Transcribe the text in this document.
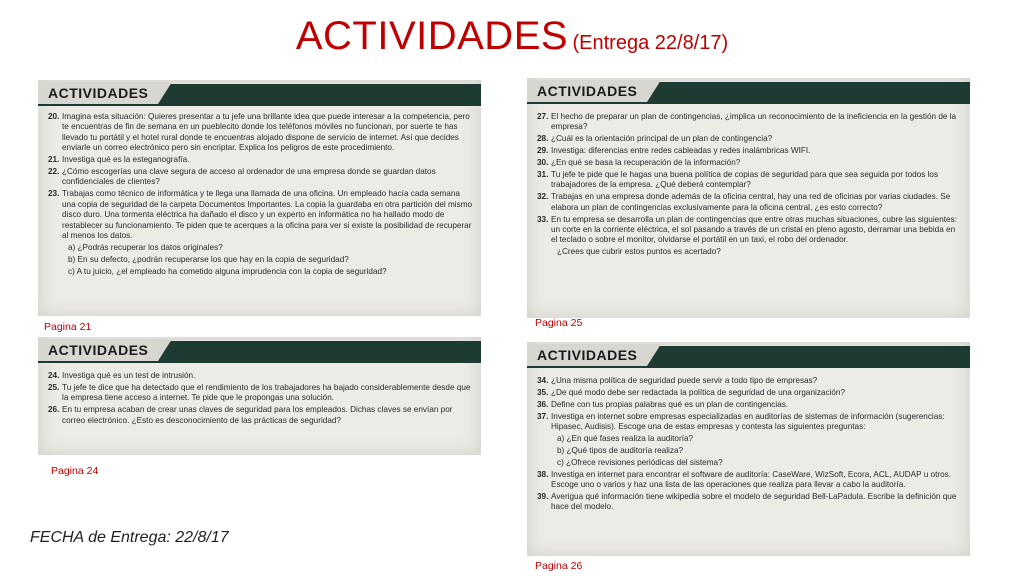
ACTIVIDADES (Entrega 22/8/17)
ACTIVIDADES
20. Imagina esta situación: Quieres presentar a tu jefe una brillante idea que puede interesar a la competencia, pero te encuentras de fin de semana en un pueblecito donde los teléfonos móviles no funcionan, por suerte te has llevado tu portátil y el hotel rural donde te encuentras alojado dispone de servicio de internet. Así que decides enviarle un correo electrónico pero sin encriptar. Explica los peligros de este procedimiento.
21. Investiga qué es la esteganografía.
22. ¿Cómo escogerías una clave segura de acceso al ordenador de una empresa donde se guardan datos confidenciales de clientes?
23. Trabajas como técnico de informática y te llega una llamada de una oficina. Un empleado hacía cada semana una copia de seguridad de la carpeta Documentos Importantes. La copia la guardaba en otra partición del mismo disco duro. Una tormenta eléctrica ha dañado el disco y un experto en informática no ha hallado modo de restablecer su funcionamiento. Te piden que te acerques a la oficina para ver si existe la posibilidad de recuperar al menos los datos.
a) ¿Podrás recuperar los datos originales?
b) En su defecto, ¿podrán recuperarse los que hay en la copia de seguridad?
c) A tu juicio, ¿el empleado ha cometido alguna imprudencia con la copia de seguridad?
Pagina 21
ACTIVIDADES
24. Investiga qué es un test de intrusión.
25. Tu jefe te dice que ha detectado que el rendimiento de los trabajadores ha bajado considerablemente desde que la empresa tiene acceso a internet. Te pide que le propongas una solución.
26. En tu empresa acaban de crear unas claves de seguridad para los empleados. Dichas claves se envían por correo electrónico. ¿Esto es desconocimiento de las prácticas de seguridad?
Pagina 24
ACTIVIDADES
27. El hecho de preparar un plan de contingencias, ¿implica un reconocimiento de la ineficiencia en la gestión de la empresa?
28. ¿Cuál es la orientación principal de un plan de contingencia?
29. Investiga: diferencias entre redes cableadas y redes inalámbricas WIFI.
30. ¿En qué se basa la recuperación de la información?
31. Tu jefe te pide que le hagas una buena política de copias de seguridad para que sea seguida por todos los trabajadores de la empresa. ¿Qué deberá contemplar?
32. Trabajas en una empresa donde además de la oficina central, hay una red de oficinas por varias ciudades. Se elabora un plan de contingencias exclusivamente para la oficina central, ¿es esto correcto?
33. En tu empresa se desarrolla un plan de contingencias que entre otras muchas situaciones, cubre las siguientes: un corte en la corriente eléctrica, el sol pasando a través de un cristal en pleno agosto, derramar una bebida en el teclado o sobre el monitor, olvidarse el portátil en un taxi, el robo del ordenador.
¿Crees que cubrir estos puntos es acertado?
Pagina 25
ACTIVIDADES
34. ¿Una misma política de seguridad puede servir a todo tipo de empresas?
35. ¿De qué modo debe ser redactada la política de seguridad de una organización?
36. Define con tus propias palabras qué es un plan de contingencias.
37. Investiga en internet sobre empresas especializadas en auditorías de sistemas de información (sugerencias: Hipasec, Audisis). Escoge una de estas empresas y contesta las siguientes preguntas:
a) ¿En qué fases realiza la auditoría?
b) ¿Qué tipos de auditoría realiza?
c) ¿Ofrece revisiones periódicas del sistema?
38. Investiga en internet para encontrar el software de auditoría: CaseWare, WizSoft, Ecora, ACL, AUDAP u otros. Escoge uno o varios y haz una lista de las operaciones que realiza para llevar a cabo la auditoría.
39. Averigua qué información tiene wikipedia sobre el modelo de seguridad Bell-LaPadula. Escribe la definición que hace del modelo.
Pagina 26
FECHA de Entrega: 22/8/17
